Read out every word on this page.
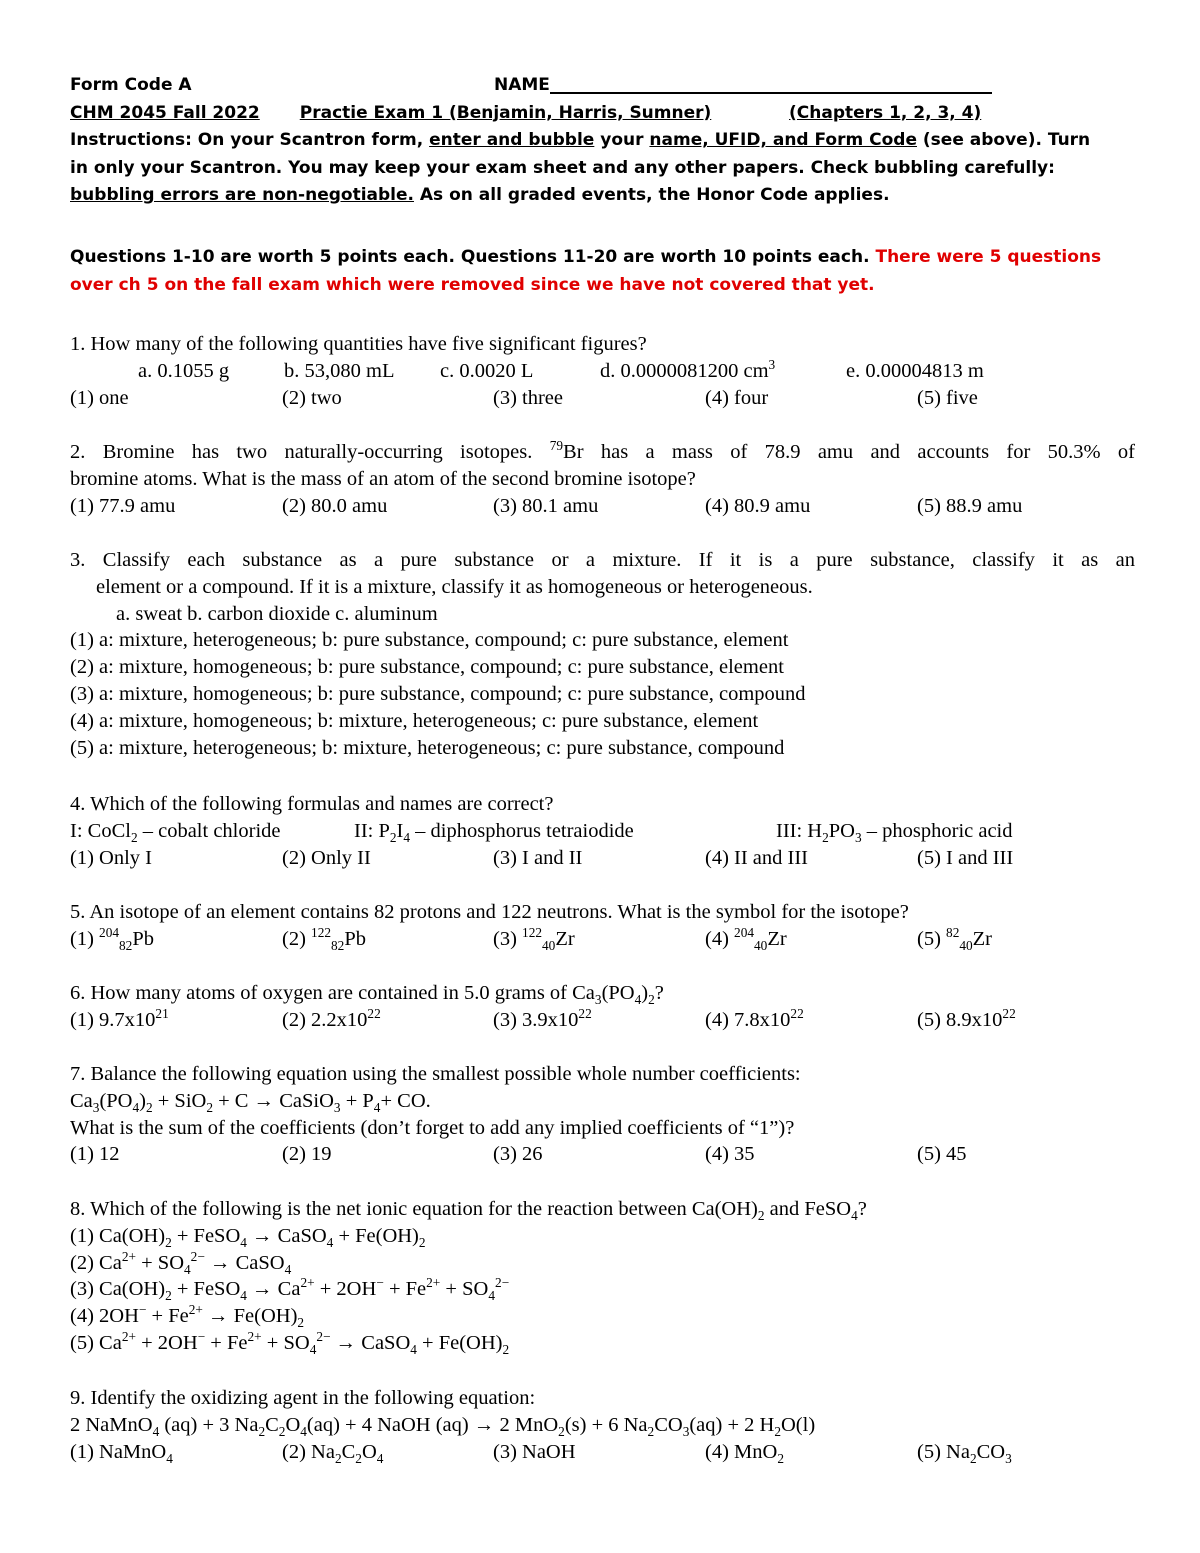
Form Code A	NAME
CHM 2045 Fall 2022 Practie Exam 1 (Benjamin, Harris, Sumner)	(Chapters 1, 2, 3, 4)
Instructions: On your Scantron form, enter and bubble your name, UFID, and Form Code (see above). Turn
in only your Scantron. You may keep your exam sheet and any other papers. Check bubbling carefully:
bubbling errors are non-negotiable. As on all graded events, the Honor Code applies.
Questions 1-10 are worth 5 points each. Questions 11-20 are worth 10 points each. There were 5 questions
over ch 5 on the fall exam which were removed since we have not covered that yet.
1. How many of the following quantities have five significant figures?
a. 0.1055 g	b. 53,080 mL c. 0.0020 L	d. 0.0000081200 $cm^3$	e. 0.00004813 m
(1) one	(2) two	(3) three	(4) four	(5) five
2. Bromine has two naturally-occurring isotopes. $^{79}$Br has a mass of 78.9 amu and accounts for 50.3% of
bromine atoms. What is the mass of an atom of the second bromine isotope?
(1) 77.9 amu	(2) 80.0 amu	(3) 80.1 amu	(4) 80.9 amu	(5) 88.9 amu
3. Classify each substance as a pure substance or a mixture. If it is a pure substance, classify it as an
element or a compound. If it is a mixture, classify it as homogeneous or heterogeneous.
a. sweat b. carbon dioxide c. aluminum
(1) a: mixture, heterogeneous; b: pure substance, compound; c: pure substance, element
(2) a: mixture, homogeneous; b: pure substance, compound; c: pure substance, element
(3) a: mixture, homogeneous; b: pure substance, compound; c: pure substance, compound
(4) a: mixture, homogeneous; b: mixture, heterogeneous; c: pure substance, element
(5) a: mixture, heterogeneous; b: mixture, heterogeneous; c: pure substance, compound
4. Which of the following formulas and names are correct?
I: CoCl$_2$ – cobalt chloride	II: $P_2I_4$ – diphosphorus tetraiodide	III: $H_2PO_3$ – phosphoric acid
(1) Only I	(2) Only II	(3) I and II	(4) II and III	(5) I and III
5. An isotope of an element contains 82 protons and 122 neutrons. What is the symbol for the isotope?
(1) $^{204}_{82}$Pb	(2) $^{122}_{82}$Pb	(3) $^{122}_{40}$Zr	(4) $^{204}_{40}$Zr	(5) $^{82}_{40}$Zr
6. How many atoms of oxygen are contained in 5.0 grams of $Ca_3(PO_4)_2$?
(1) $9.7x10^{21}$	(2) $2.2x10^{22}$	(3) $3.9x10^{22}$	(4) $7.8x10^{22}$	(5) $8.9x10^{22}$
7. Balance the following equation using the smallest possible whole number coefficients:
$Ca_3(PO_4)_2 + SiO_2 + C$ → CaSiO$_3$ + $P_4+$ CO.
What is the sum of the coefficients (don’t forget to add any implied coefficients of “1”)?
(1) 12	(2) 19	(3) 26	(4) 35	(5) 45
8. Which of the following is the net ionic equation for the reaction between $Ca(OH)_2$ and FeSO$_4$?
(1) $Ca(OH)_2$ + FeSO$_4$ → CaSO$_4$ + $Fe(OH)_2$
(2) $Ca^{2+} + SO_4^{2-}$ → CaSO$_4$
(3) $Ca(OH)_2$ + FeSO$_4$ → $Ca^{2+} + 2OH^- + Fe^{2+} + SO_4^{2-}$
(4) $2OH^- + Fe^{2+} \to Fe(OH)_2$
(5) $Ca^{2+} + 2OH^- + Fe^{2+} + SO_4^{2-}$ → CaSO$_4$ + $Fe(OH)_2$
9. Identify the oxidizing agent in the following equation:
2 NaMnO$_4$ (aq) + 3 $Na_2C_2O_4(aq) + 4$ NaOH (aq) → 2 MnO$_2$(s) + 6 $Na_2CO_3(aq) + 2$ $H_2O(l)$
(1) NaMnO$_4$	(2) $Na_2C_2O_4$	(3) NaOH	(4) MnO$_2$	(5) $Na_2CO_3$
